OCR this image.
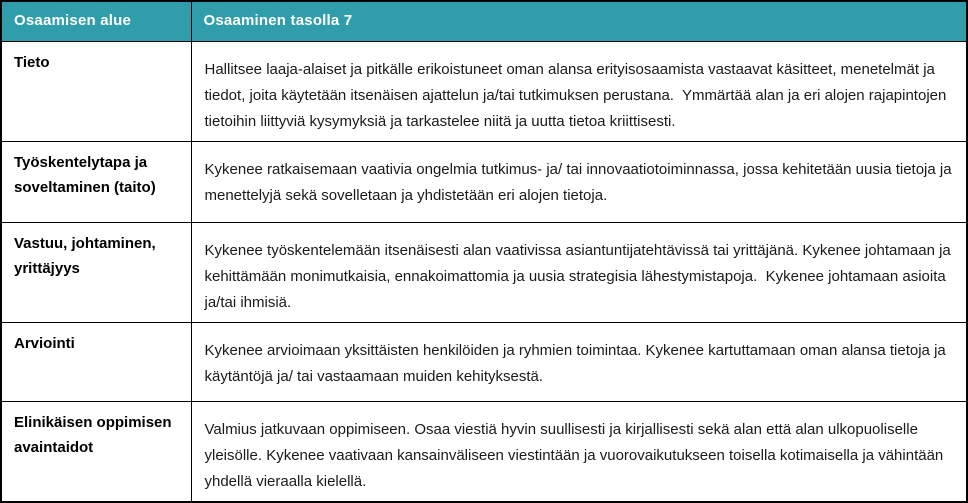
Osaamisen alue	Osaaminen tasolla 7
Tieto	Hallitsee laaja-alaiset ja pitkälle erikoistuneet oman alansa erityisosaamista vastaavat käsitteet, menetelmät ja tiedot, joita käytetään itsenäisen ajattelun ja/tai tutkimuksen perustana.  Ymmärtää alan ja eri alojen rajapintojen tietoihin liittyviä kysymyksiä ja tarkastelee niitä ja uutta tietoa kriittisesti.
Työskentelytapa ja soveltaminen (taito)	Kykenee ratkaisemaan vaativia ongelmia tutkimus- ja/ tai innovaatiotoiminnassa, jossa kehitetään uusia tietoja ja menettelyjä sekä sovelletaan ja yhdistetään eri alojen tietoja.
Vastuu, johtaminen, yrittäjyys	Kykenee työskentelemään itsenäisesti alan vaativissa asiantuntijatehtävissä tai yrittäjänä. Kykenee johtamaan ja kehittämään monimutkaisia, ennakoimattomia ja uusia strategisia lähestymistapoja.  Kykenee johtamaan asioita ja/tai ihmisiä.
Arviointi	Kykenee arvioimaan yksittäisten henkilöiden ja ryhmien toimintaa. Kykenee kartuttamaan oman alansa tietoja ja käytäntöjä ja/ tai vastaamaan muiden kehityksestä.
Elinikäisen oppimisen avaintaidot	Valmius jatkuvaan oppimiseen. Osaa viestiä hyvin suullisesti ja kirjallisesti sekä alan että alan ulkopuoliselle yleisölle. Kykenee vaativaan kansainväliseen viestintään ja vuorovaikutukseen toisella kotimaisella ja vähintään yhdellä vieraalla kielellä.
